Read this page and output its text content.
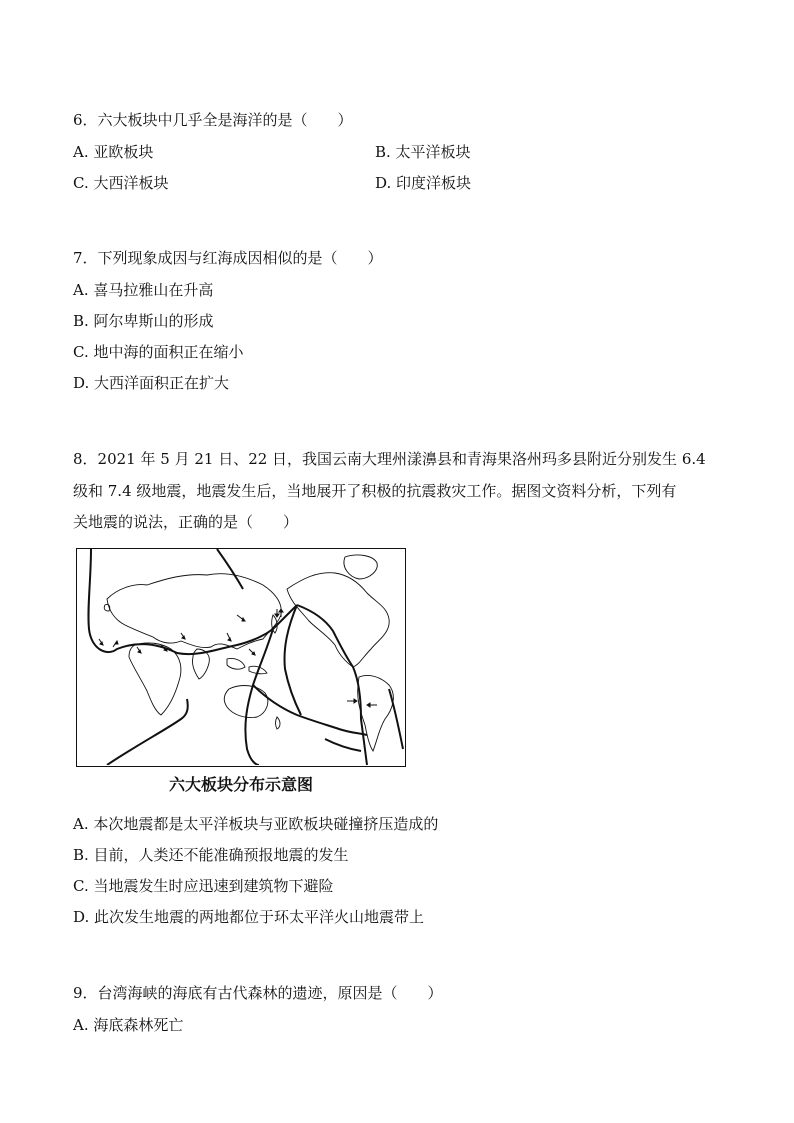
6．六大板块中几乎全是海洋的是（　　）
A. 亚欧板块	B. 太平洋板块
C. 大西洋板块	D. 印度洋板块
7．下列现象成因与红海成因相似的是（　　）
A. 喜马拉雅山在升高
B. 阿尔卑斯山的形成
C. 地中海的面积正在缩小
D. 大西洋面积正在扩大
8．2021 年 5 月 21 日、22 日，我国云南大理州漾濞县和青海果洛州玛多县附近分别发生 6.4
级和 7.4 级地震，地震发生后，当地展开了积极的抗震救灾工作。据图文资料分析，下列有
关地震的说法，正确的是（　　）
六大板块分布示意图
A. 本次地震都是太平洋板块与亚欧板块碰撞挤压造成的
B. 目前，人类还不能准确预报地震的发生
C. 当地震发生时应迅速到建筑物下避险
D. 此次发生地震的两地都位于环太平洋火山地震带上
9．台湾海峡的海底有古代森林的遗迹，原因是（　　）
A. 海底森林死亡
